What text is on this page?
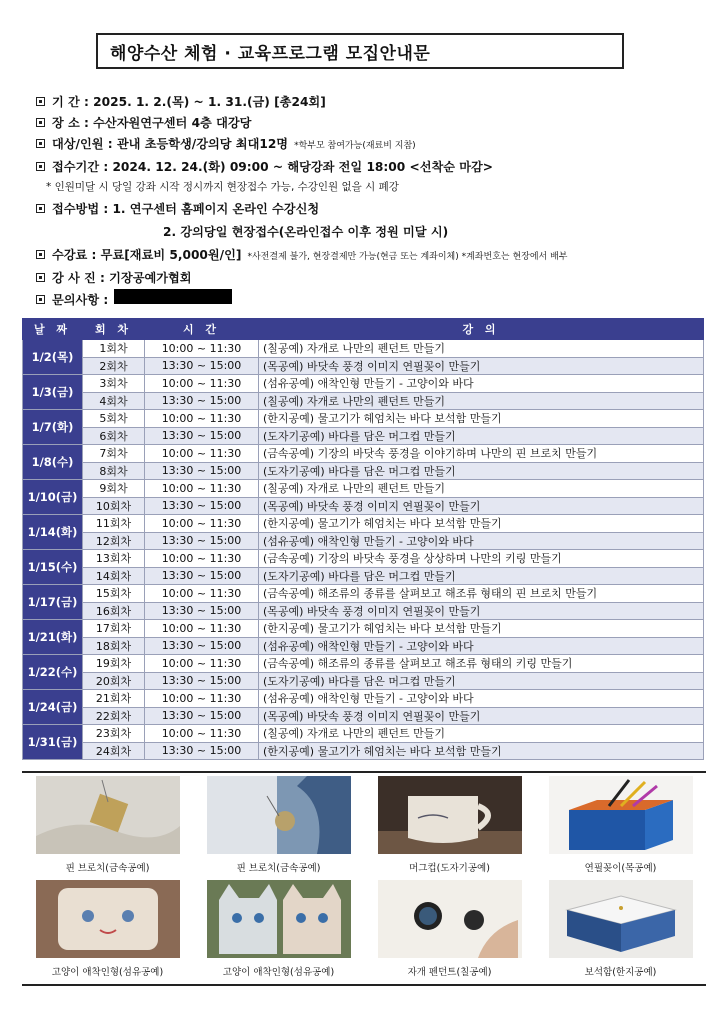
해양수산 체험 · 교육프로그램 모집안내문
기 간 : 2025. 1. 2.(목) ~ 1. 31.(금) [총24회]
장 소 : 수산자원연구센터 4층 대강당
대상/인원 : 관내 초등학생/강의당 최대12명 *학부모 참여가능(재료비 지참)
접수기간 : 2024. 12. 24.(화) 09:00 ~ 해당강좌 전일 18:00 <선착순 마감>
* 인원미달 시 당일 강좌 시작 정시까지 현장접수 가능, 수강인원 없을 시 폐강
접수방법 : 1. 연구센터 홈페이지 온라인 수강신청
2. 강의당일 현장접수(온라인접수 이후 정원 미달 시)
수강료 : 무료[재료비 5,000원/인] *사전결제 불가, 현장결제만 가능(현금 또는 계좌이체) *계좌번호는 현장에서 배부
강 사 진 : 기장공예가협회
문의사항 :
날 짜	회 차	시 간	강 의
1/2(목)	1회차	10:00 ~ 11:30	(칠공예) 자개로 나만의 펜던트 만들기
	2회차	13:30 ~ 15:00	(목공예) 바닷속 풍경 이미지 연필꽂이 만들기
1/3(금)	3회차	10:00 ~ 11:30	(섬유공예) 애착인형 만들기 - 고양이와 바다
	4회차	13:30 ~ 15:00	(칠공예) 자개로 나만의 펜던트 만들기
1/7(화)	5회차	10:00 ~ 11:30	(한지공예) 물고기가 헤엄치는 바다 보석함 만들기
	6회차	13:30 ~ 15:00	(도자기공예) 바다를 담은 머그컵 만들기
1/8(수)	7회차	10:00 ~ 11:30	(금속공예) 기장의 바닷속 풍경을 이야기하며 나만의 핀 브로치 만들기
	8회차	13:30 ~ 15:00	(도자기공예) 바다를 담은 머그컵 만들기
1/10(금)	9회차	10:00 ~ 11:30	(칠공예) 자개로 나만의 펜던트 만들기
	10회차	13:30 ~ 15:00	(목공예) 바닷속 풍경 이미지 연필꽂이 만들기
1/14(화)	11회차	10:00 ~ 11:30	(한지공예) 물고기가 헤엄치는 바다 보석함 만들기
	12회차	13:30 ~ 15:00	(섬유공예) 애착인형 만들기 - 고양이와 바다
1/15(수)	13회차	10:00 ~ 11:30	(금속공예) 기장의 바닷속 풍경을 상상하며 나만의 키링 만들기
	14회차	13:30 ~ 15:00	(도자기공예) 바다를 담은 머그컵 만들기
1/17(금)	15회차	10:00 ~ 11:30	(금속공예) 해조류의 종류를 살펴보고 해조류 형태의 핀 브로치 만들기
	16회차	13:30 ~ 15:00	(목공예) 바닷속 풍경 이미지 연필꽂이 만들기
1/21(화)	17회차	10:00 ~ 11:30	(한지공예) 물고기가 헤엄치는 바다 보석함 만들기
	18회차	13:30 ~ 15:00	(섬유공예) 애착인형 만들기 - 고양이와 바다
1/22(수)	19회차	10:00 ~ 11:30	(금속공예) 해조류의 종류를 살펴보고 해조류 형태의 키링 만들기
	20회차	13:30 ~ 15:00	(도자기공예) 바다를 담은 머그컵 만들기
1/24(금)	21회차	10:00 ~ 11:30	(섬유공예) 애착인형 만들기 - 고양이와 바다
	22회차	13:30 ~ 15:00	(목공예) 바닷속 풍경 이미지 연필꽂이 만들기
1/31(금)	23회차	10:00 ~ 11:30	(칠공예) 자개로 나만의 펜던트 만들기
	24회차	13:30 ~ 15:00	(한지공예) 물고기가 헤엄치는 바다 보석함 만들기
핀 브로치(금속공예)	핀 브로치(금속공예)	머그컵(도자기공예)	연필꽂이(목공예)
고양이 애착인형(섬유공예)	고양이 애착인형(섬유공예)	자개 펜던트(칠공예)	보석함(한지공예)
